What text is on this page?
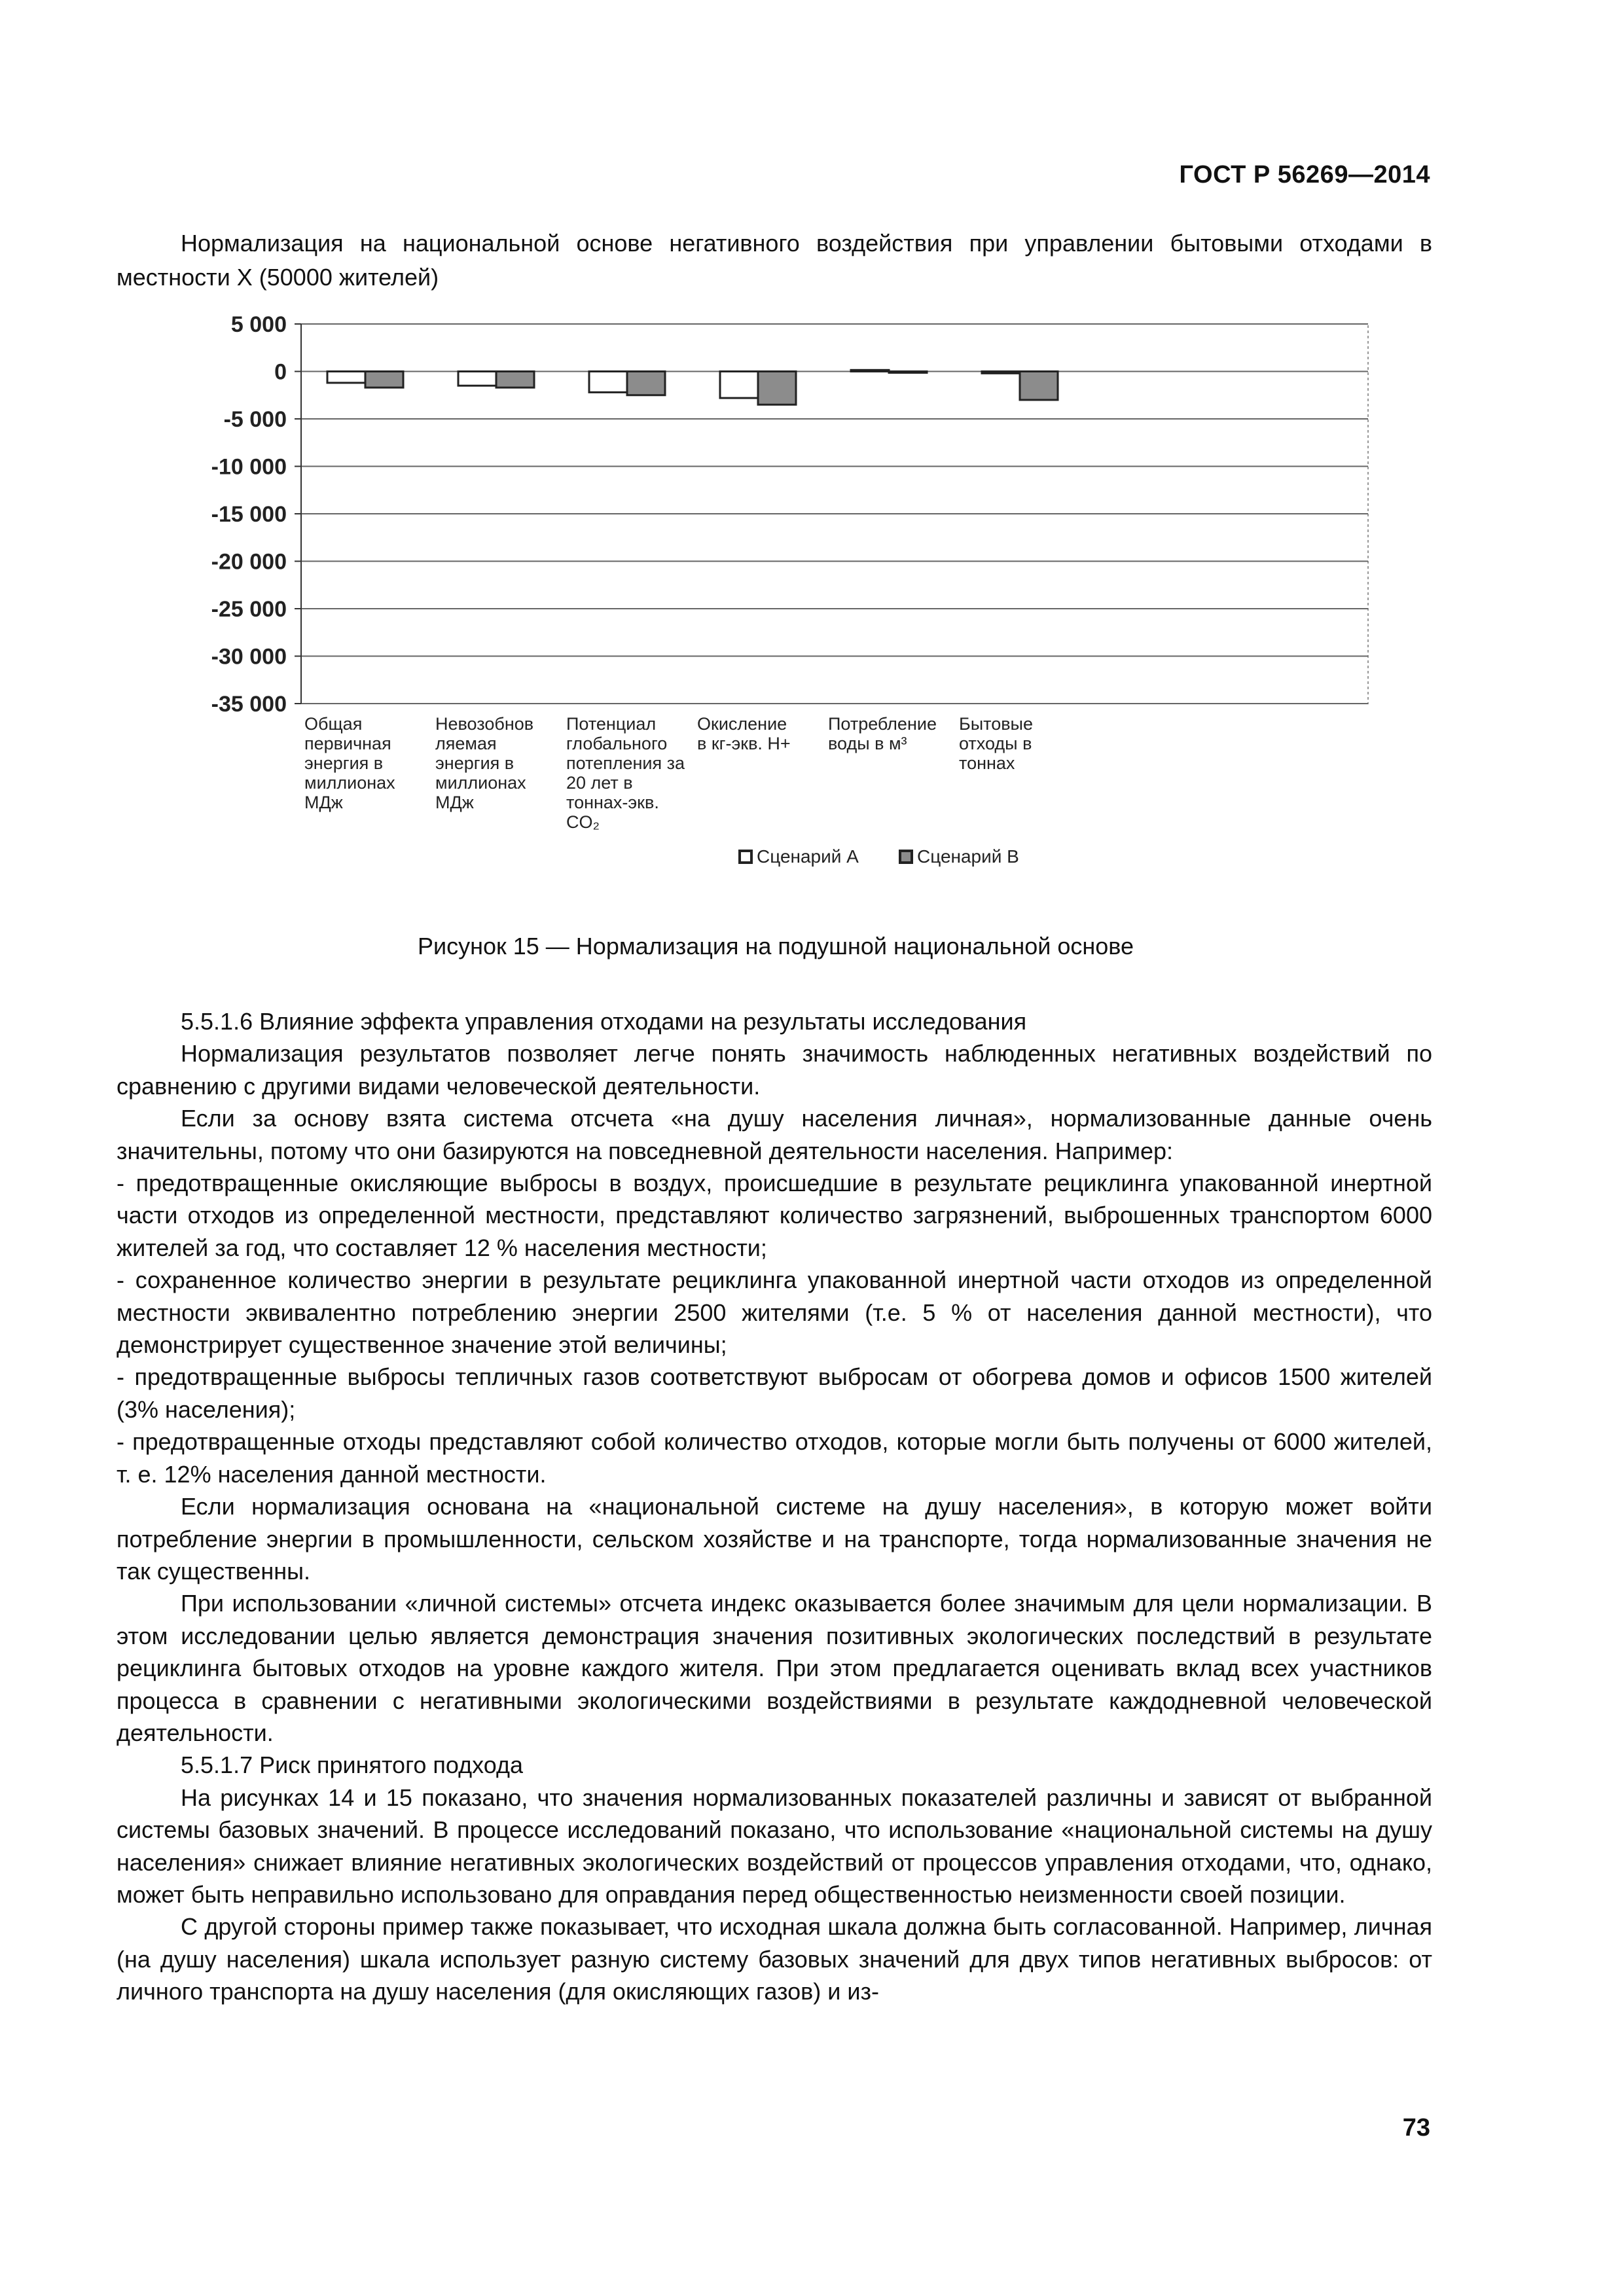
ГОСТ Р 56269—2014
Нормализация на национальной основе негативного воздействия при управлении бытовыми отходами в местности X (50000 жителей)
5 000
0
-5 000
-10 000
-15 000
-20 000
-25 000
-30 000
-35 000
Общая
первичная
энергия в
миллионах
МДж
Невозобнов
ляемая
энергия в
миллионах
МДж
Потенциал
глобального
потепления за
20 лет в
тоннах-экв.
CO₂
Окисление
в кг-экв. H+
Потребление
воды в м³
Бытовые
отходы в
тоннах
Сценарий А	Сценарий В
Рисунок 15 — Нормализация на подушной национальной основе

5.5.1.6 Влияние эффекта управления отходами на результаты исследования

Нормализация результатов позволяет легче понять значимость наблюденных негативных воздействий по сравнению с другими видами человеческой деятельности.

Если за основу взята система отсчета «на душу населения личная», нормализованные данные очень значительны, потому что они базируются на повседневной деятельности населения. Например:

- предотвращенные окисляющие выбросы в воздух, происшедшие в результате рециклинга упакованной инертной части отходов из определенной местности, представляют количество загрязнений, выброшенных транспортом 6000 жителей за год, что составляет 12 % населения местности;

- сохраненное количество энергии в результате рециклинга упакованной инертной части отходов из определенной местности эквивалентно потреблению энергии 2500 жителями (т.е. 5 % от населения данной местности), что демонстрирует существенное значение этой величины;

- предотвращенные выбросы тепличных газов соответствуют выбросам от обогрева домов и офисов 1500 жителей (3% населения);

- предотвращенные отходы представляют собой количество отходов, которые могли быть получены от 6000 жителей, т. е. 12% населения данной местности.

Если нормализация основана на «национальной системе на душу населения», в которую может войти потребление энергии в промышленности, сельском хозяйстве и на транспорте, тогда нормализованные значения не так существенны.

При использовании «личной системы» отсчета индекс оказывается более значимым для цели нормализации. В этом исследовании целью является демонстрация значения позитивных экологических последствий в результате рециклинга бытовых отходов на уровне каждого жителя. При этом предлагается оценивать вклад всех участников процесса в сравнении с негативными экологическими воздействиями в результате каждодневной человеческой деятельности.

5.5.1.7 Риск принятого подхода

На рисунках 14 и 15 показано, что значения нормализованных показателей различны и зависят от выбранной системы базовых значений. В процессе исследований показано, что использование «национальной системы на душу населения» снижает влияние негативных экологических воздействий от процессов управления отходами, что, однако, может быть неправильно использовано для оправдания перед общественностью неизменности своей позиции.

С другой стороны пример также показывает, что исходная шкала должна быть согласованной. Например, личная (на душу населения) шкала использует разную систему базовых значений для двух типов негативных выбросов: от личного транспорта на душу населения (для окисляющих газов) и из-

73
